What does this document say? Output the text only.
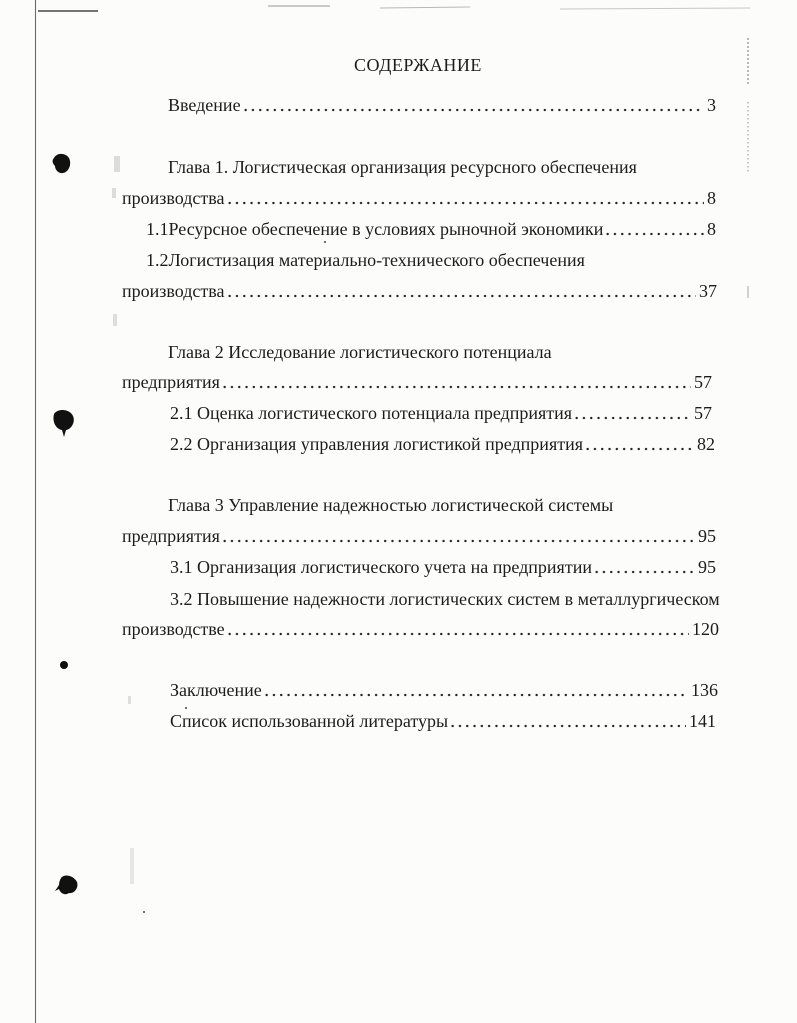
СОДЕРЖАНИЕ
Введение	3
Глава 1. Логистическая организация ресурсного обеспечения
производства	8
1.1Ресурсное обеспечение в условиях рыночной экономики	8
1.2Логистизация материально-технического обеспечения
производства	37
Глава 2 Исследование логистического потенциала
предприятия	57
2.1 Оценка логистического потенциала предприятия	57
2.2 Организация управления логистикой предприятия	82
Глава 3 Управление надежностью логистической системы
предприятия	95
3.1 Организация логистического учета на предприятии	95
3.2 Повышение надежности логистических систем в металлургическом
производстве	120
Заключение	136
Список использованной литературы	141
